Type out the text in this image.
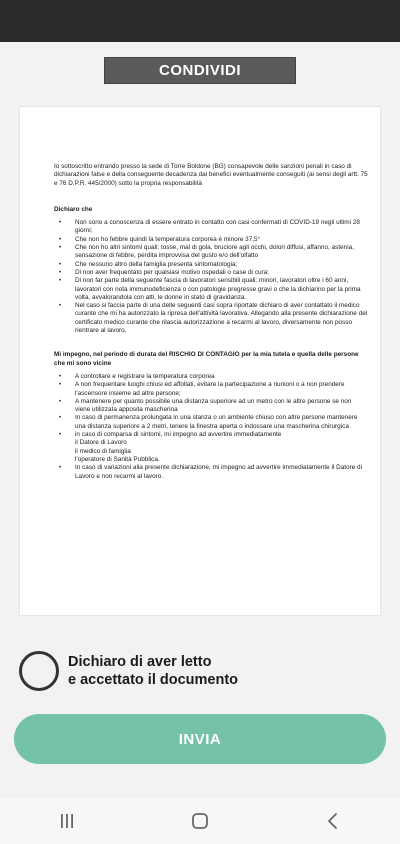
CONDIVIDI

Io sottoscritto entrando presso la sede di Torre Boldone (BG) consapevole delle sanzioni penali in caso di dichiarazioni false e della conseguente decadenza dai benefici eventualmente conseguiti (ai sensi degli artt. 75 e 76 D.P.R. 445/2000) sotto la propria responsabilità

Dichiaro che

• Non sono a conoscenza di essere entrato in contatto con casi confermati di COVID-19 negli ultimi 28 giorni;
• Che non ho febbre quindi la temperatura corporea è minore 37,5°
• Che non ho altri sintomi quali: tosse, mal di gola, bruciore agli occhi, dolori diffusi, affanno, astenia, sensazione di febbre, perdita improvvisa del gusto e/o dell'olfatto
• Che nessuno altro della famiglia presenta sintomatologia;
• Di non aver frequentato per qualsiasi motivo ospedali o case di cura;
• Di non far parte della seguente fascia di lavoratori sensibili quali: minori, lavoratori oltre i 60 anni, lavoratori con nota immunodeficienza o con patologie pregresse gravi o che la dichiarino per la prima volta, avvalorandola con atti, le donne in stato di gravidanza.
• Nel caso si faccia parte di una delle seguenti casi sopra riportate dichiaro di aver contattato il medico curante che mi ha autorizzato la ripresa dell'attività lavorativa. Allegando alla presente dichiarazione del certificato medico curante che rilascia autorizzazione a recarmi al lavoro, diversamente non posso rientrare al lavoro.

Mi impegno, nel periodo di durata del RISCHIO DI CONTAGIO per la mia tutela e quella delle persone che mi sono vicine

• A controllare e registrare la temperatura corporea
• A non frequentare luoghi chiusi ed affollati, evitare la partecipazione a riunioni o a non prendere l'ascensore insieme ad altre persone;
• A mantenere per quanto possibile una distanza superiore ad un metro con le altre persone se non viene utilizzata apposita mascherina
• In caso di permanenza prolungata in una stanza o un ambiente chiuso con altre persone mantenere una distanza superiore a 2 metri, tenere la finestra aperta o indossare una mascherina chirurgica
• in caso di comparsa di sintomi, mi impegno ad avvertire immediatamente
il Datore di Lavoro
il medico di famiglia
l'operatore di Sanità Pubblica.
• In caso di variazioni alla presente dichiarazione, mi impegno ad avvertire immediatamente il Datore di Lavoro e non recarmi al lavoro.
Dichiaro di aver letto
e accettato il documento
INVIA
